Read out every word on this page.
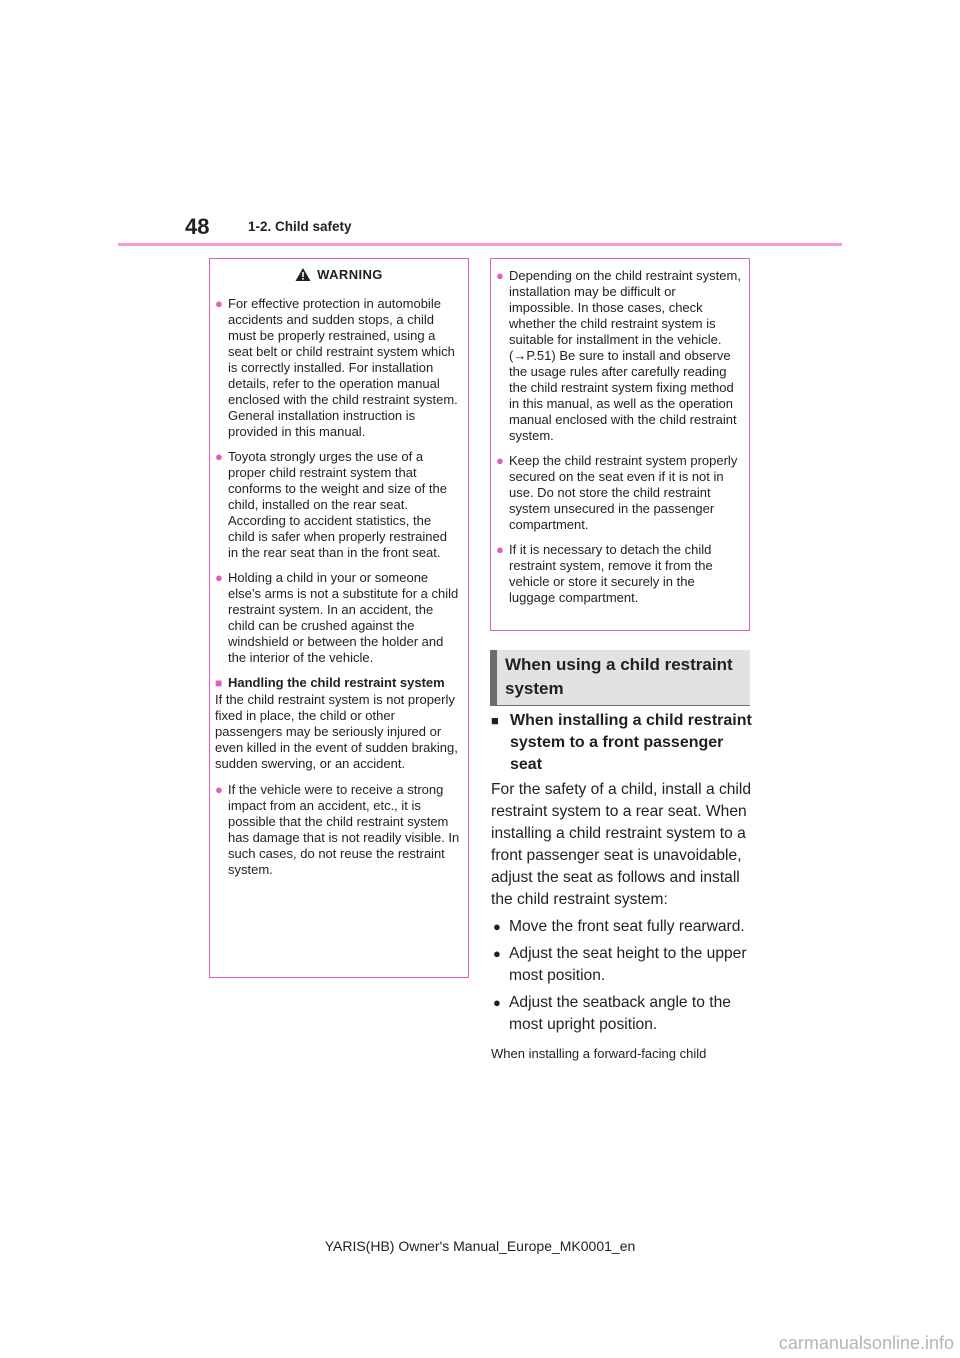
48	1-2. Child safety
WARNING
● For effective protection in automobile accidents and sudden stops, a child must be properly restrained, using a seat belt or child restraint system which is correctly installed. For installation details, refer to the operation manual enclosed with the child restraint system. General installation instruction is provided in this manual.
● Toyota strongly urges the use of a proper child restraint system that conforms to the weight and size of the child, installed on the rear seat. According to accident statistics, the child is safer when properly restrained in the rear seat than in the front seat.
● Holding a child in your or someone else’s arms is not a substitute for a child restraint system. In an accident, the child can be crushed against the windshield or between the holder and the interior of the vehicle.
■ Handling the child restraint system
If the child restraint system is not properly fixed in place, the child or other passengers may be seriously injured or even killed in the event of sudden braking, sudden swerving, or an accident.
● If the vehicle were to receive a strong impact from an accident, etc., it is possible that the child restraint system has damage that is not readily visible. In such cases, do not reuse the restraint system.
● Depending on the child restraint system, installation may be difficult or impossible. In those cases, check whether the child restraint system is suitable for installment in the vehicle. (→P.51) Be sure to install and observe the usage rules after carefully reading the child restraint system fixing method in this manual, as well as the operation manual enclosed with the child restraint system.
● Keep the child restraint system properly secured on the seat even if it is not in use. Do not store the child restraint system unsecured in the passenger compartment.
● If it is necessary to detach the child restraint system, remove it from the vehicle or store it securely in the luggage compartment.
When using a child restraint system
■ When installing a child restraint system to a front passenger seat
For the safety of a child, install a child restraint system to a rear seat. When installing a child restraint system to a front passenger seat is unavoidable, adjust the seat as follows and install the child restraint system:
● Move the front seat fully rearward.
● Adjust the seat height to the upper most position.
● Adjust the seatback angle to the most upright position.
When installing a forward-facing child
YARIS(HB) Owner's Manual_Europe_MK0001_en
carmanualsonline.info
